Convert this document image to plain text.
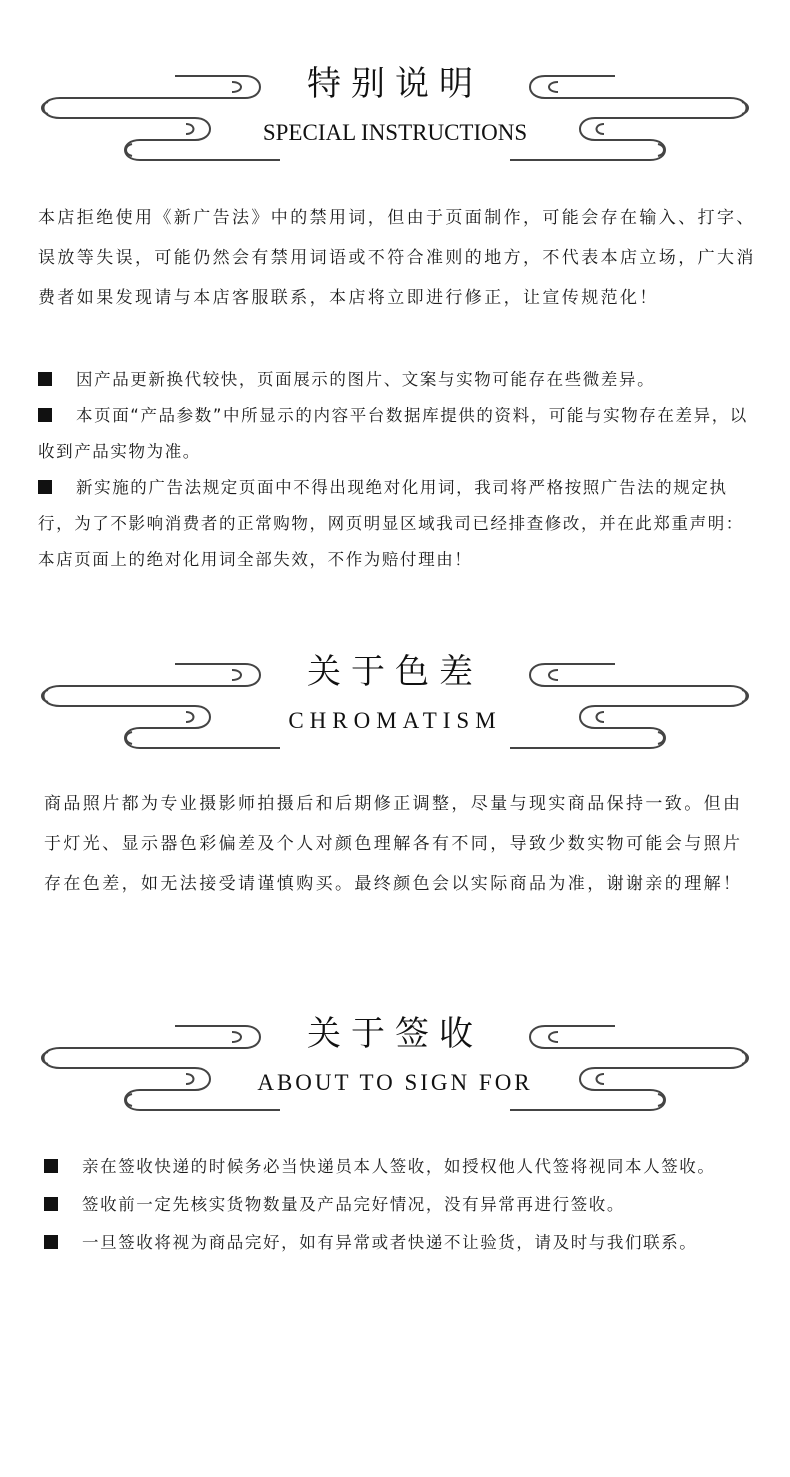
特别说明
SPECIAL INSTRUCTIONS

本店拒绝使用《新广告法》中的禁用词，但由于页面制作，可能会存在输入、打字、误放等失误，可能仍然会有禁用词语或不符合准则的地方，不代表本店立场，广大消费者如果发现请与本店客服联系，本店将立即进行修正，让宣传规范化！

因产品更新换代较快，页面展示的图片、文案与实物可能存在些微差异。

本页面“产品参数”中所显示的内容平台数据库提供的资料，可能与实物存在差异，以收到产品实物为准。

新实施的广告法规定页面中不得出现绝对化用词，我司将严格按照广告法的规定执行，为了不影响消费者的正常购物，网页明显区域我司已经排查修改，并在此郑重声明：本店页面上的绝对化用词全部失效，不作为赔付理由！

关于色差
CHROMATISM

商品照片都为专业摄影师拍摄后和后期修正调整，尽量与现实商品保持一致。但由于灯光、显示器色彩偏差及个人对颜色理解各有不同，导致少数实物可能会与照片存在色差，如无法接受请谨慎购买。最终颜色会以实际商品为准，谢谢亲的理解！

关于签收
ABOUT TO SIGN FOR

亲在签收快递的时候务必当快递员本人签收，如授权他人代签将视同本人签收。

签收前一定先核实货物数量及产品完好情况，没有异常再进行签收。

一旦签收将视为商品完好，如有异常或者快递不让验货，请及时与我们联系。
